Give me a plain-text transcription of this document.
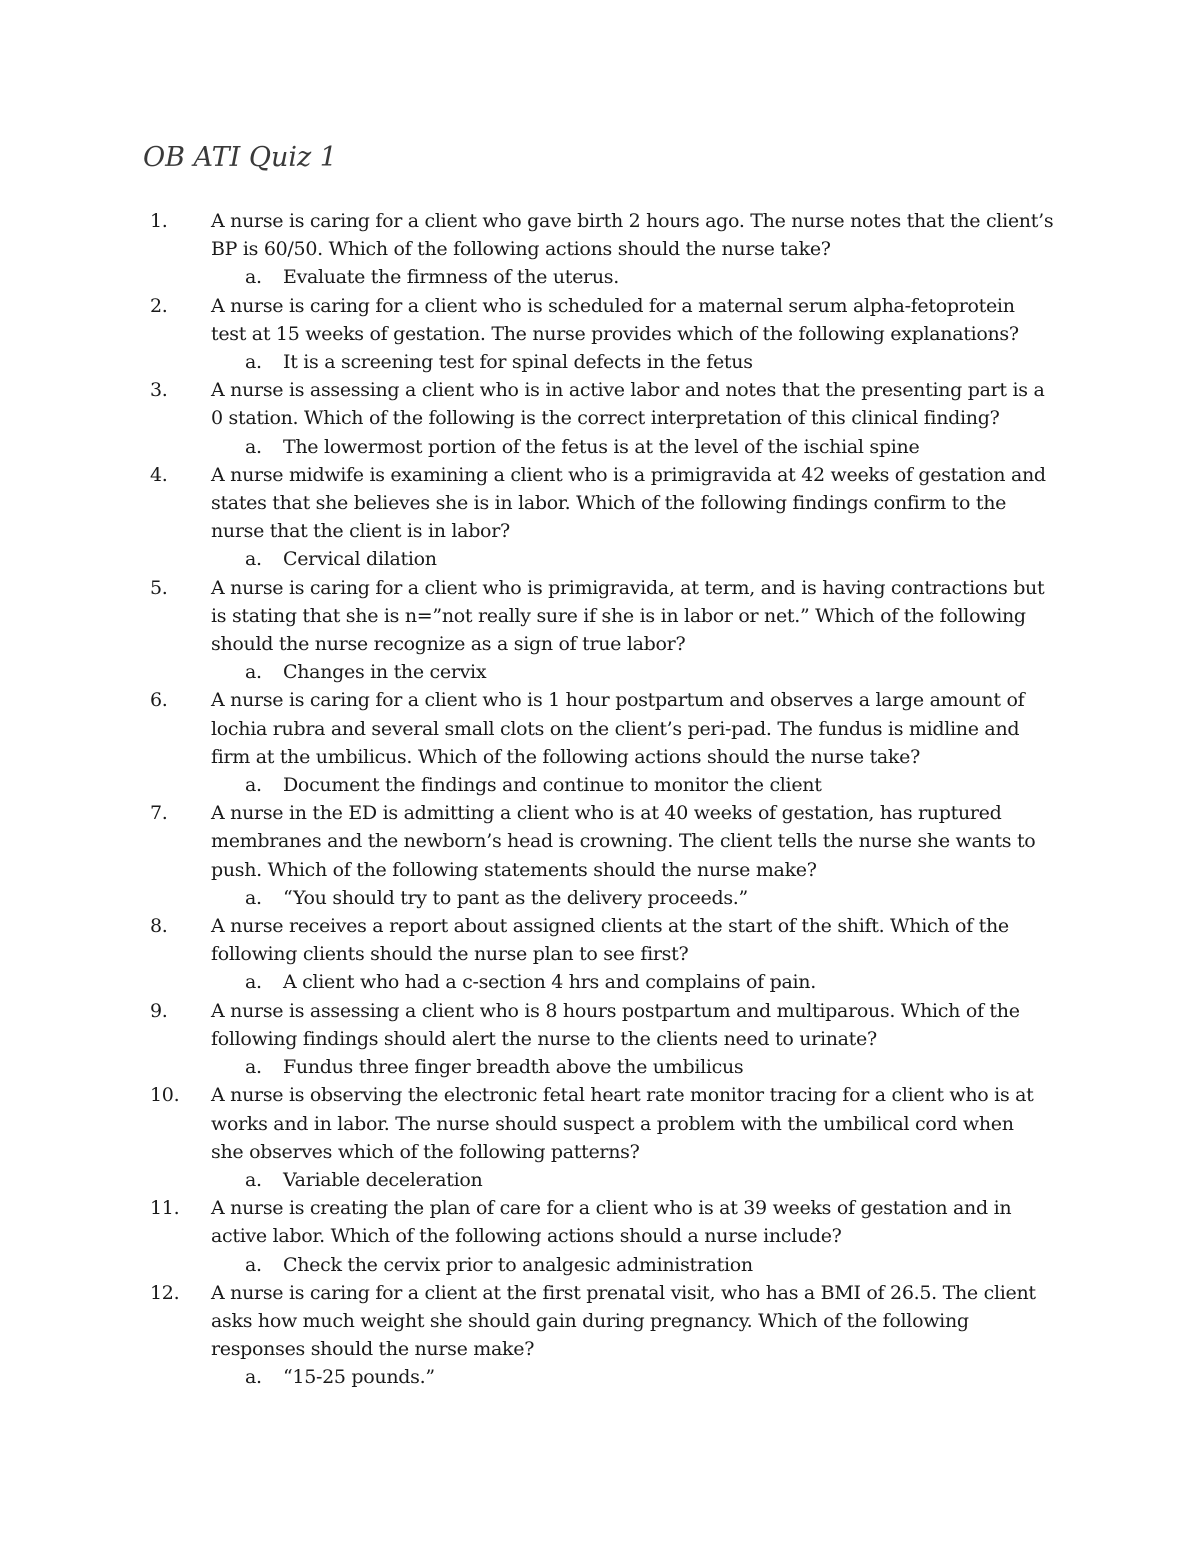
OB ATI Quiz 1
1.	A nurse is caring for a client who gave birth 2 hours ago. The nurse notes that the client’s
BP is 60/50. Which of the following actions should the nurse take?
a. Evaluate the firmness of the uterus.
2.	A nurse is caring for a client who is scheduled for a maternal serum alpha-fetoprotein
test at 15 weeks of gestation. The nurse provides which of the following explanations?
a. It is a screening test for spinal defects in the fetus
3.	A nurse is assessing a client who is in active labor and notes that the presenting part is a
0 station. Which of the following is the correct interpretation of this clinical finding?
a. The lowermost portion of the fetus is at the level of the ischial spine
4.	A nurse midwife is examining a client who is a primigravida at 42 weeks of gestation and
states that she believes she is in labor. Which of the following findings confirm to the
nurse that the client is in labor?
a. Cervical dilation
5.	A nurse is caring for a client who is primigravida, at term, and is having contractions but
is stating that she is n=”not really sure if she is in labor or net.” Which of the following
should the nurse recognize as a sign of true labor?
a. Changes in the cervix
6.	A nurse is caring for a client who is 1 hour postpartum and observes a large amount of
lochia rubra and several small clots on the client’s peri-pad. The fundus is midline and
firm at the umbilicus. Which of the following actions should the nurse take?
a. Document the findings and continue to monitor the client
7.	A nurse in the ED is admitting a client who is at 40 weeks of gestation, has ruptured
membranes and the newborn’s head is crowning. The client tells the nurse she wants to
push. Which of the following statements should the nurse make?
a. “You should try to pant as the delivery proceeds.”
8.	A nurse receives a report about assigned clients at the start of the shift. Which of the
following clients should the nurse plan to see first?
a. A client who had a c-section 4 hrs and complains of pain.
9.	A nurse is assessing a client who is 8 hours postpartum and multiparous. Which of the
following findings should alert the nurse to the clients need to urinate?
a. Fundus three finger breadth above the umbilicus
10.	A nurse is observing the electronic fetal heart rate monitor tracing for a client who is at
works and in labor. The nurse should suspect a problem with the umbilical cord when
she observes which of the following patterns?
a. Variable deceleration
11.	A nurse is creating the plan of care for a client who is at 39 weeks of gestation and in
active labor. Which of the following actions should a nurse include?
a. Check the cervix prior to analgesic administration
12.	A nurse is caring for a client at the first prenatal visit, who has a BMI of 26.5. The client
asks how much weight she should gain during pregnancy. Which of the following
responses should the nurse make?
a. “15-25 pounds.”
